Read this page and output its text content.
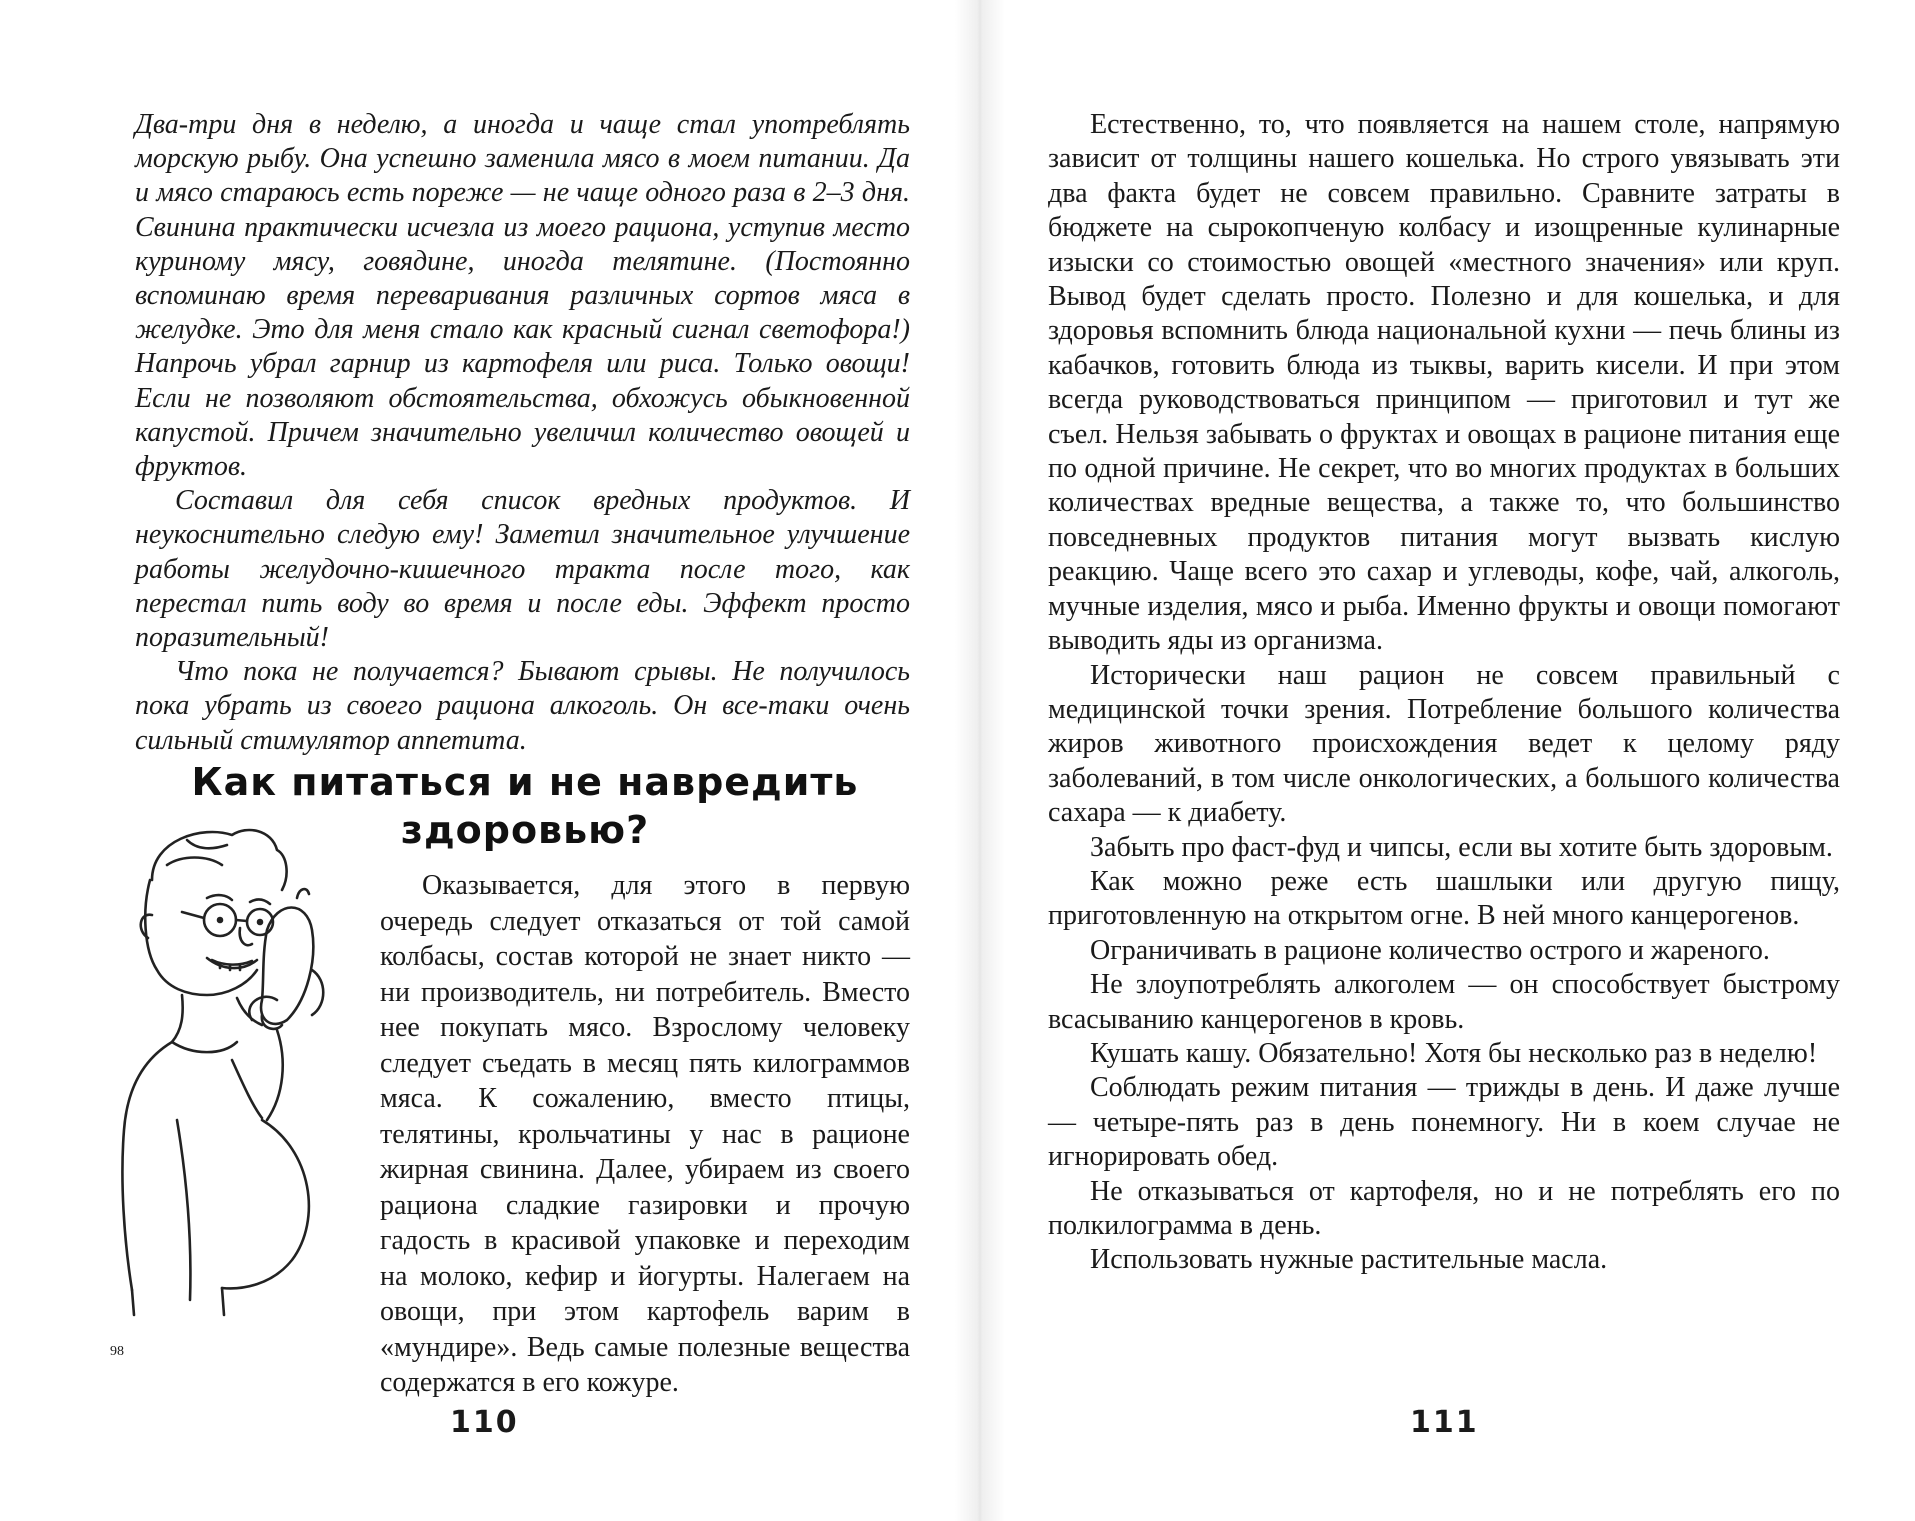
Два-три дня в неделю, а иногда и чаще стал употреблять морскую рыбу. Она успешно заменила мясо в моем питании. Да и мясо стараюсь есть пореже — не чаще одного раза в 2–3 дня. Свинина практически исчезла из моего рациона, уступив место куриному мясу, говядине, иногда телятине. (Постоянно вспоминаю время переваривания различных сортов мяса в желудке. Это для меня стало как красный сигнал светофора!) Напрочь убрал гарнир из картофеля или риса. Только овощи! Если не позволяют обстоятельства, обхожусь обыкновенной капустой. Причем значительно увеличил количество овощей и фруктов.

Составил для себя список вредных продуктов. И неукоснительно следую ему! Заметил значительное улучшение работы желудочно-кишечного тракта после того, как перестал пить воду во время и после еды. Эффект просто поразительный!

Что пока не получается? Бывают срывы. Не получилось пока убрать из своего рациона алкоголь. Он все-таки очень сильный стимулятор аппетита.

Как питаться и не навредить
здоровью?

Оказывается, для этого в первую очередь следует отказаться от той самой колбасы, состав которой не знает никто — ни производитель, ни потребитель. Вместо нее покупать мясо. Взрослому человеку следует съедать в месяц пять килограммов мяса. К сожалению, вместо птицы, телятины, крольчатины у нас в рационе жирная свинина. Далее, убираем из своего рациона сладкие газировки и прочую гадость в красивой упаковке и переходим на молоко, кефир и йогурты. Налегаем на овощи, при этом картофель варим в «мундире». Ведь самые полезные вещества содержатся в его кожуре.

98
110

Естественно, то, что появляется на нашем столе, напрямую зависит от толщины нашего кошелька. Но строго увязывать эти два факта будет не совсем правильно. Сравните затраты в бюджете на сырокопченую колбасу и изощренные кулинарные изыски со стоимостью овощей «местного значения» или круп. Вывод будет сделать просто. Полезно и для кошелька, и для здоровья вспомнить блюда национальной кухни — печь блины из кабачков, готовить блюда из тыквы, варить кисели. И при этом всегда руководствоваться принципом — приготовил и тут же съел. Нельзя забывать о фруктах и овощах в рационе питания еще по одной причине. Не секрет, что во многих продуктах в больших количествах вредные вещества, а также то, что большинство повседневных продуктов питания могут вызвать кислую реакцию. Чаще всего это сахар и углеводы, кофе, чай, алкоголь, мучные изделия, мясо и рыба. Именно фрукты и овощи помогают выводить яды из организма.

Исторически наш рацион не совсем правильный с медицинской точки зрения. Потребление большого количества жиров животного происхождения ведет к целому ряду заболеваний, в том числе онкологических, а большого количества сахара — к диабету.

Забыть про фаст-фуд и чипсы, если вы хотите быть здоровым.

Как можно реже есть шашлыки или другую пищу, приготовленную на открытом огне. В ней много канцерогенов.

Ограничивать в рационе количество острого и жареного.

Не злоупотреблять алкоголем — он способствует быстрому всасыванию канцерогенов в кровь.

Кушать кашу. Обязательно! Хотя бы несколько раз в неделю!

Соблюдать режим питания — трижды в день. И даже лучше — четыре-пять раз в день понемногу. Ни в коем случае не игнорировать обед.

Не отказываться от картофеля, но и не потреблять его по полкилограмма в день.

Использовать нужные растительные масла.

111
